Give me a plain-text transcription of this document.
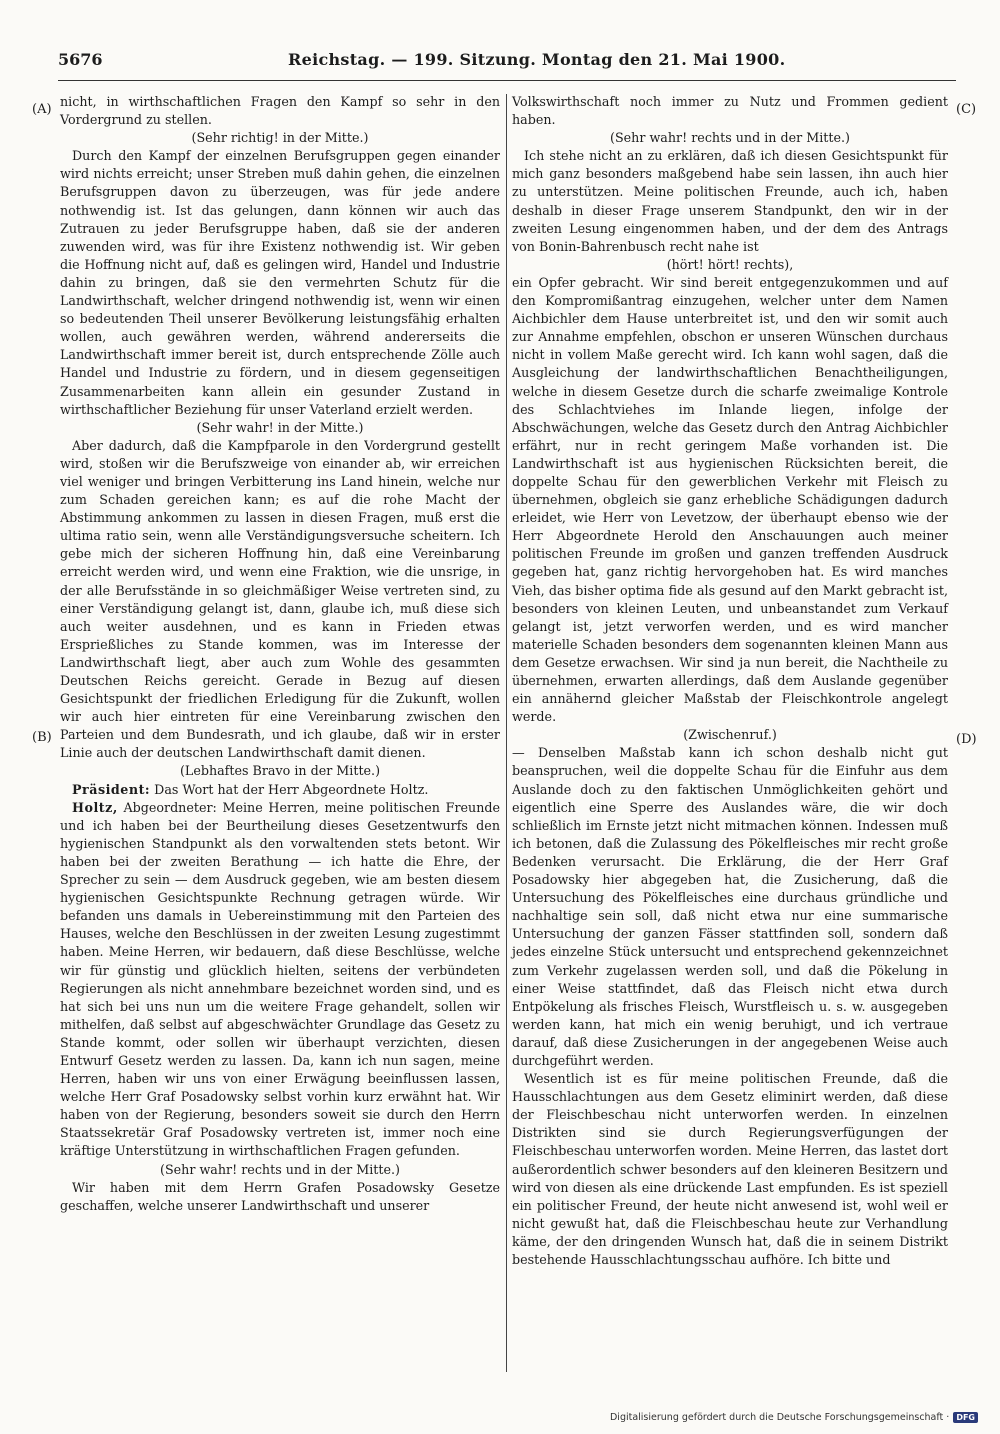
5676	Reichstag. — 199. Sitzung. Montag den 21. Mai 1900.
(A)
(B)
(C)
(D)

nicht, in wirthschaftlichen Fragen den Kampf so sehr in den Vordergrund zu stellen.

(Sehr richtig! in der Mitte.)

Durch den Kampf der einzelnen Berufsgruppen gegen einander wird nichts erreicht; unser Streben muß dahin gehen, die einzelnen Berufsgruppen davon zu überzeugen, was für jede andere nothwendig ist. Ist das gelungen, dann können wir auch das Zutrauen zu jeder Berufsgruppe haben, daß sie der anderen zuwenden wird, was für ihre Existenz nothwendig ist. Wir geben die Hoffnung nicht auf, daß es gelingen wird, Handel und Industrie dahin zu bringen, daß sie den vermehrten Schutz für die Landwirthschaft, welcher dringend nothwendig ist, wenn wir einen so bedeutenden Theil unserer Bevölkerung leistungsfähig erhalten wollen, auch gewähren werden, während andererseits die Landwirthschaft immer bereit ist, durch entsprechende Zölle auch Handel und Industrie zu fördern, und in diesem gegenseitigen Zusammenarbeiten kann allein ein gesunder Zustand in wirthschaftlicher Beziehung für unser Vaterland erzielt werden.

(Sehr wahr! in der Mitte.)

Aber dadurch, daß die Kampfparole in den Vordergrund gestellt wird, stoßen wir die Berufszweige von einander ab, wir erreichen viel weniger und bringen Verbitterung ins Land hinein, welche nur zum Schaden gereichen kann; es auf die rohe Macht der Abstimmung ankommen zu lassen in diesen Fragen, muß erst die ultima ratio sein, wenn alle Verständigungsversuche scheitern. Ich gebe mich der sicheren Hoffnung hin, daß eine Vereinbarung erreicht werden wird, und wenn eine Fraktion, wie die unsrige, in der alle Berufsstände in so gleichmäßiger Weise vertreten sind, zu einer Verständigung gelangt ist, dann, glaube ich, muß diese sich auch weiter ausdehnen, und es kann in Frieden etwas Ersprießliches zu Stande kommen, was im Interesse der Landwirthschaft liegt, aber auch zum Wohle des gesammten Deutschen Reichs gereicht. Gerade in Bezug auf diesen Gesichtspunkt der friedlichen Erledigung für die Zukunft, wollen wir auch hier eintreten für eine Vereinbarung zwischen den Parteien und dem Bundesrath, und ich glaube, daß wir in erster Linie auch der deutschen Landwirthschaft damit dienen.

(Lebhaftes Bravo in der Mitte.)

Präsident: Das Wort hat der Herr Abgeordnete Holtz.

Holtz, Abgeordneter: Meine Herren, meine politischen Freunde und ich haben bei der Beurtheilung dieses Gesetzentwurfs den hygienischen Standpunkt als den vorwaltenden stets betont. Wir haben bei der zweiten Berathung — ich hatte die Ehre, der Sprecher zu sein — dem Ausdruck gegeben, wie am besten diesem hygienischen Gesichtspunkte Rechnung getragen würde. Wir befanden uns damals in Uebereinstimmung mit den Parteien des Hauses, welche den Beschlüssen in der zweiten Lesung zugestimmt haben. Meine Herren, wir bedauern, daß diese Beschlüsse, welche wir für günstig und glücklich hielten, seitens der verbündeten Regierungen als nicht annehmbare bezeichnet worden sind, und es hat sich bei uns nun um die weitere Frage gehandelt, sollen wir mithelfen, daß selbst auf abgeschwächter Grundlage das Gesetz zu Stande kommt, oder sollen wir überhaupt verzichten, diesen Entwurf Gesetz werden zu lassen. Da, kann ich nun sagen, meine Herren, haben wir uns von einer Erwägung beeinflussen lassen, welche Herr Graf Posadowsky selbst vorhin kurz erwähnt hat. Wir haben von der Regierung, besonders soweit sie durch den Herrn Staatssekretär Graf Posadowsky vertreten ist, immer noch eine kräftige Unterstützung in wirthschaftlichen Fragen gefunden.

(Sehr wahr! rechts und in der Mitte.)

Wir haben mit dem Herrn Grafen Posadowsky Gesetze geschaffen, welche unserer Landwirthschaft und unserer

Volkswirthschaft noch immer zu Nutz und Frommen gedient haben.

(Sehr wahr! rechts und in der Mitte.)

Ich stehe nicht an zu erklären, daß ich diesen Gesichtspunkt für mich ganz besonders maßgebend habe sein lassen, ihn auch hier zu unterstützen. Meine politischen Freunde, auch ich, haben deshalb in dieser Frage unserem Standpunkt, den wir in der zweiten Lesung eingenommen haben, und der dem des Antrags von Bonin-Bahrenbusch recht nahe ist

(hört! hört! rechts),

ein Opfer gebracht. Wir sind bereit entgegenzukommen und auf den Kompromißantrag einzugehen, welcher unter dem Namen Aichbichler dem Hause unterbreitet ist, und den wir somit auch zur Annahme empfehlen, obschon er unseren Wünschen durchaus nicht in vollem Maße gerecht wird. Ich kann wohl sagen, daß die Ausgleichung der landwirthschaftlichen Benachtheiligungen, welche in diesem Gesetze durch die scharfe zweimalige Kontrole des Schlachtviehes im Inlande liegen, infolge der Abschwächungen, welche das Gesetz durch den Antrag Aichbichler erfährt, nur in recht geringem Maße vorhanden ist. Die Landwirthschaft ist aus hygienischen Rücksichten bereit, die doppelte Schau für den gewerblichen Verkehr mit Fleisch zu übernehmen, obgleich sie ganz erhebliche Schädigungen dadurch erleidet, wie Herr von Levetzow, der überhaupt ebenso wie der Herr Abgeordnete Herold den Anschauungen auch meiner politischen Freunde im großen und ganzen treffenden Ausdruck gegeben hat, ganz richtig hervorgehoben hat. Es wird manches Vieh, das bisher optima fide als gesund auf den Markt gebracht ist, besonders von kleinen Leuten, und unbeanstandet zum Verkauf gelangt ist, jetzt verworfen werden, und es wird mancher materielle Schaden besonders dem sogenannten kleinen Mann aus dem Gesetze erwachsen. Wir sind ja nun bereit, die Nachtheile zu übernehmen, erwarten allerdings, daß dem Auslande gegenüber ein annähernd gleicher Maßstab der Fleischkontrole angelegt werde.

(Zwischenruf.)

— Denselben Maßstab kann ich schon deshalb nicht gut beanspruchen, weil die doppelte Schau für die Einfuhr aus dem Auslande doch zu den faktischen Unmöglichkeiten gehört und eigentlich eine Sperre des Auslandes wäre, die wir doch schließlich im Ernste jetzt nicht mitmachen können. Indessen muß ich betonen, daß die Zulassung des Pökelfleisches mir recht große Bedenken verursacht. Die Erklärung, die der Herr Graf Posadowsky hier abgegeben hat, die Zusicherung, daß die Untersuchung des Pökelfleisches eine durchaus gründliche und nachhaltige sein soll, daß nicht etwa nur eine summarische Untersuchung der ganzen Fässer stattfinden soll, sondern daß jedes einzelne Stück untersucht und entsprechend gekennzeichnet zum Verkehr zugelassen werden soll, und daß die Pökelung in einer Weise stattfindet, daß das Fleisch nicht etwa durch Entpökelung als frisches Fleisch, Wurstfleisch u. s. w. ausgegeben werden kann, hat mich ein wenig beruhigt, und ich vertraue darauf, daß diese Zusicherungen in der angegebenen Weise auch durchgeführt werden.

Wesentlich ist es für meine politischen Freunde, daß die Hausschlachtungen aus dem Gesetz eliminirt werden, daß diese der Fleischbeschau nicht unterworfen werden. In einzelnen Distrikten sind sie durch Regierungsverfügungen der Fleischbeschau unterworfen worden. Meine Herren, das lastet dort außerordentlich schwer besonders auf den kleineren Besitzern und wird von diesen als eine drückende Last empfunden. Es ist speziell ein politischer Freund, der heute nicht anwesend ist, wohl weil er nicht gewußt hat, daß die Fleischbeschau heute zur Verhandlung käme, der den dringenden Wunsch hat, daß die in seinem Distrikt bestehende Hausschlachtungsschau aufhöre. Ich bitte und

Digitalisierung gefördert durch die Deutsche Forschungsgemeinschaft · DFG
